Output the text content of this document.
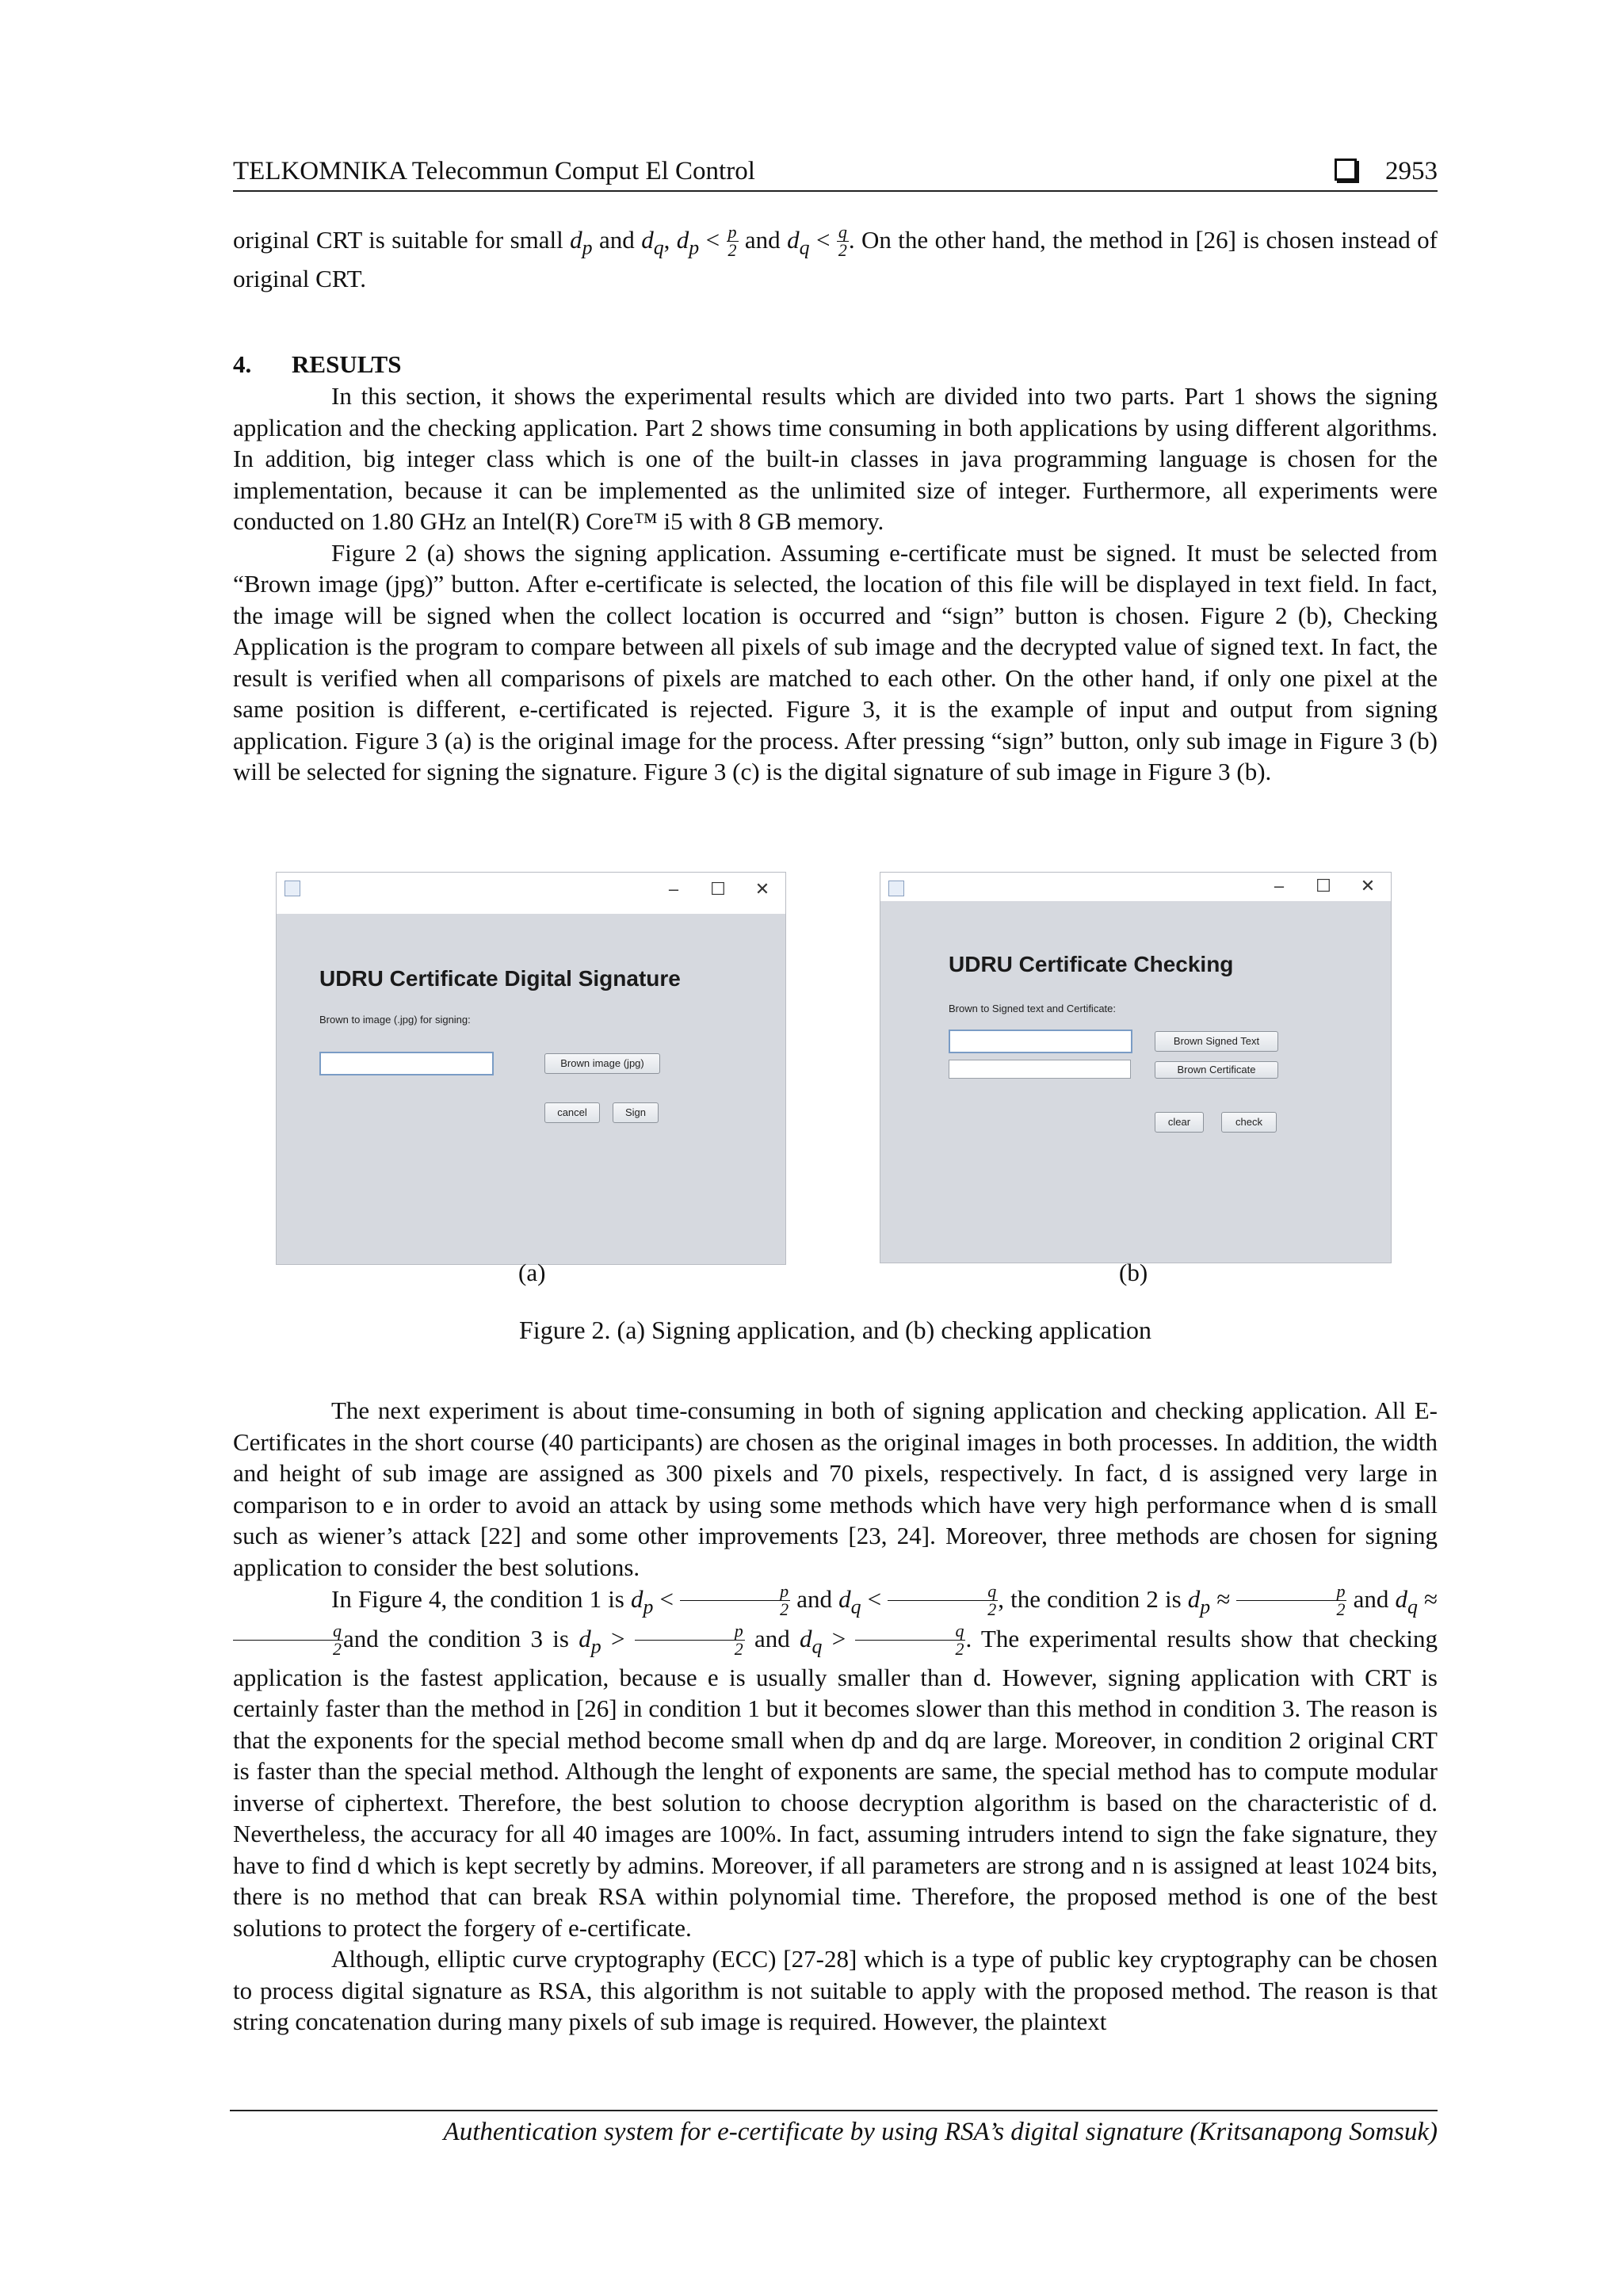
TELKOMNIKA Telecommun Comput El Control	2953

original CRT is suitable for small $d_p$ and $d_q$, $d_p < \frac{p}{2}$ and $d_q < \frac{q}{2}$ . On the other hand, the method in [26] is chosen instead of original CRT.

4. RESULTS

In this section, it shows the experimental results which are divided into two parts. Part 1 shows the signing application and the checking application. Part 2 shows time consuming in both applications by using different algorithms. In addition, big integer class which is one of the built-in classes in java programming language is chosen for the implementation, because it can be implemented as the unlimited size of integer. Furthermore, all experiments were conducted on 1.80 GHz an Intel(R) Core™ i5 with 8 GB memory.

Figure 2 (a) shows the signing application. Assuming e-certificate must be signed. It must be selected from “Brown image (jpg)” button. After e-certificate is selected, the location of this file will be displayed in text field. In fact, the image will be signed when the collect location is occurred and “sign” button is chosen. Figure 2 (b), Checking Application is the program to compare between all pixels of sub image and the decrypted value of signed text. In fact, the result is verified when all comparisons of pixels are matched to each other. On the other hand, if only one pixel at the same position is different, e-certificated is rejected. Figure 3, it is the example of input and output from signing application. Figure 3 (a) is the original image for the process. After pressing “sign” button, only sub image in Figure 3 (b) will be selected for signing the signature. Figure 3 (c) is the digital signature of sub image in Figure 3 (b).

–	☐ ✕
UDRU Certificate Digital Signature
Brown to image (.jpg) for signing:
Brown image (jpg)
cancel	Sign
–	☐ ✕
UDRU Certificate Checking
Brown to Signed text and Certificate:
Brown Signed Text
Brown Certificate
clear	check
(a)	(b)
Figure 2. (a) Signing application, and (b) checking application

The next experiment is about time-consuming in both of signing application and checking application. All E-Certificates in the short course (40 participants) are chosen as the original images in both processes. In addition, the width and height of sub image are assigned as 300 pixels and 70 pixels, respectively. In fact, d is assigned very large in comparison to e in order to avoid an attack by using some methods which have very high performance when d is small such as wiener’s attack [22] and some other improvements [23, 24]. Moreover, three methods are chosen for signing application to consider the best solutions.

In Figure 4, the condition 1 is $d_p < \frac{p}{2}$ and $d_q < \frac{q}{2}$ , the condition 2 is $d_p \approx \frac{p}{2}$ and $d_q$ ≈
$\frac{q}{2}$ and the condition 3 is $d_p > \frac{p}{2}$ and $d_q > \frac{q}{2}$ . The experimental results show that checking application is the fastest application, because e is usually smaller than d. However, signing application with CRT is certainly faster than the method in [26] in condition 1 but it becomes slower than this method in condition 3. The reason is that the exponents for the special method become small when dp and dq are large. Moreover, in condition 2 original CRT is faster than the special method. Although the lenght of exponents are same, the special method has to compute modular inverse of ciphertext. Therefore, the best solution to choose decryption algorithm is based on the characteristic of d. Nevertheless, the accuracy for all 40 images are 100%. In fact, assuming intruders intend to sign the fake signature, they have to find d which is kept secretly by admins. Moreover, if all parameters are strong and n is assigned at least 1024 bits, there is no method that can break RSA within polynomial time. Therefore, the proposed method is one of the best solutions to protect the forgery of e-certificate.

Although, elliptic curve cryptography (ECC) [27-28] which is a type of public key cryptography can be chosen to process digital signature as RSA, this algorithm is not suitable to apply with the proposed method. The reason is that string concatenation during many pixels of sub image is required. However, the plaintext

Authentication system for e-certificate by using RSA’s digital signature (Kritsanapong Somsuk)
